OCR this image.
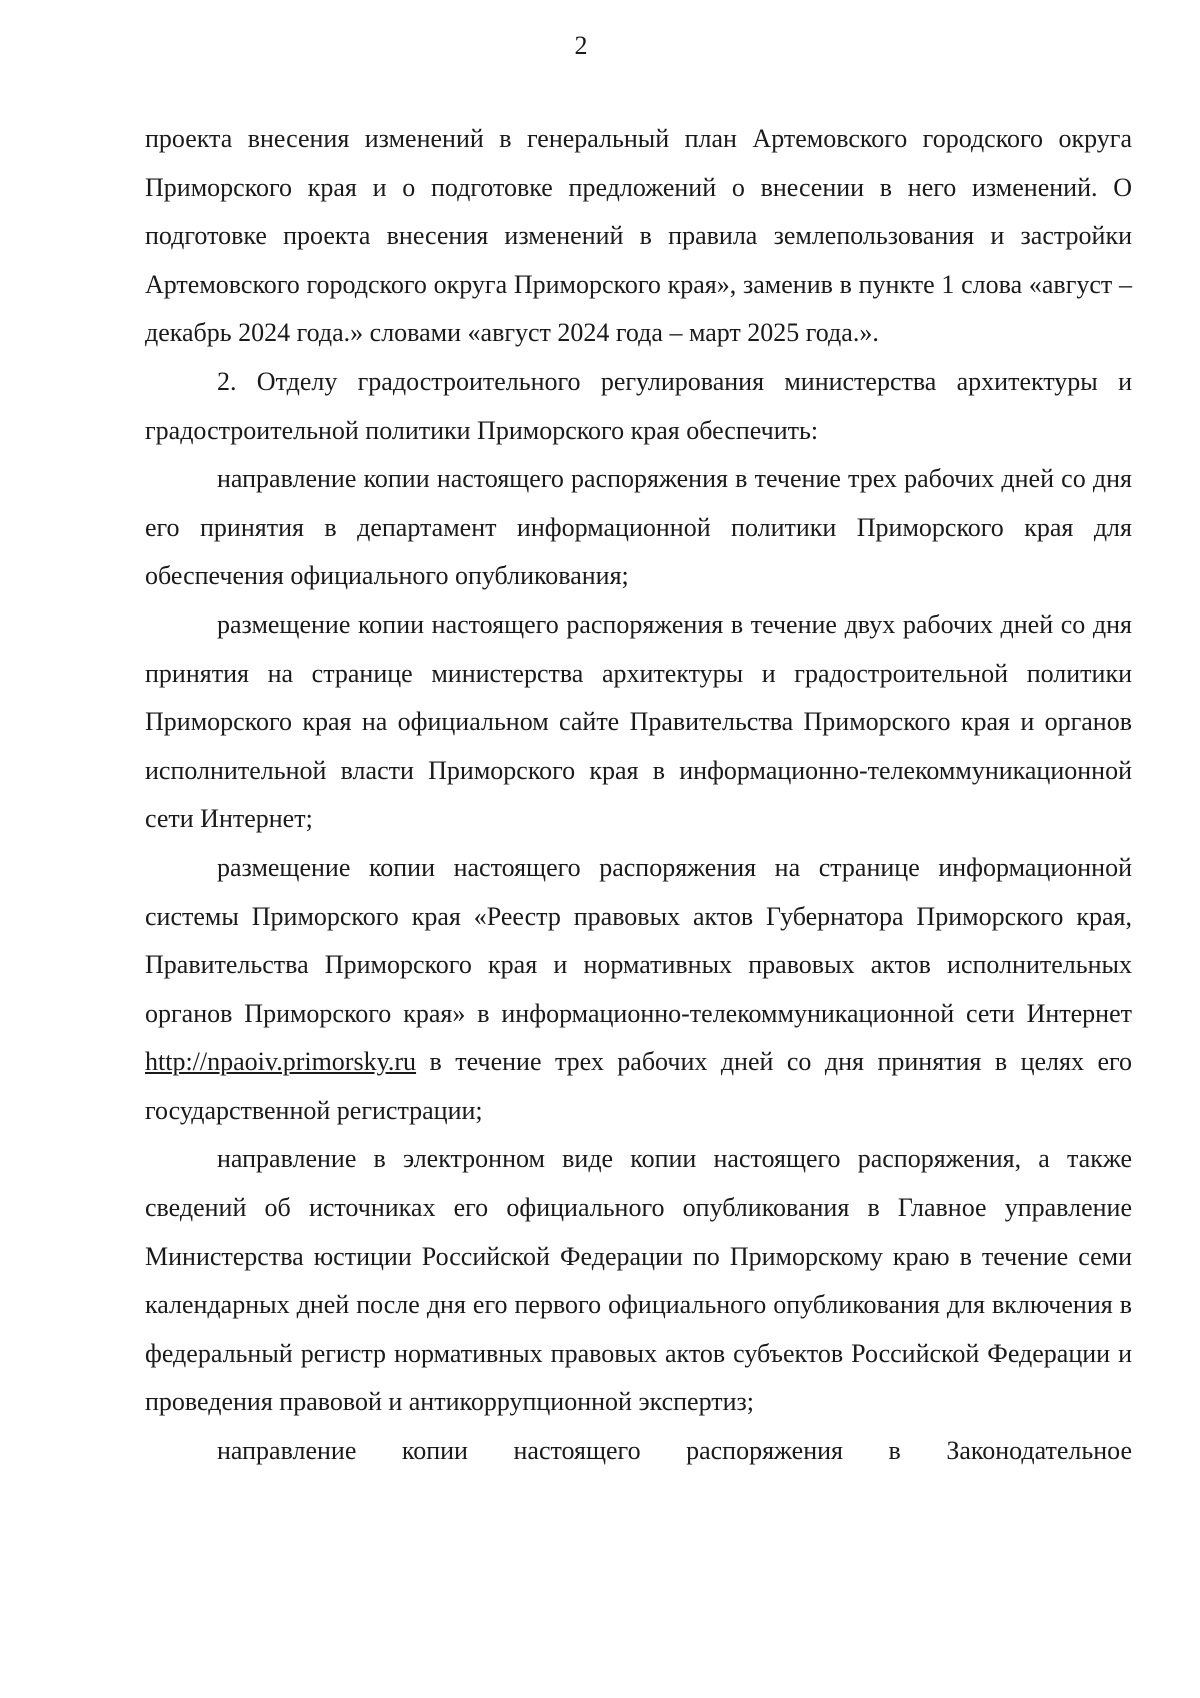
2

проекта внесения изменений в генеральный план Артемовского городского округа Приморского края и о подготовке предложений о внесении в него изменений. О подготовке проекта внесения изменений в правила землепользования и застройки Артемовского городского округа Приморского края», заменив в пункте 1 слова «август – декабрь 2024 года.» словами «август 2024 года – март 2025 года.».

2. Отделу градостроительного регулирования министерства архитектуры и градостроительной политики Приморского края обеспечить:

направление копии настоящего распоряжения в течение трех рабочих дней со дня его принятия в департамент информационной политики Приморского края для обеспечения официального опубликования;

размещение копии настоящего распоряжения в течение двух рабочих дней со дня принятия на странице министерства архитектуры и градостроительной политики Приморского края на официальном сайте Правительства Приморского края и органов исполнительной власти Приморского края в информационно-телекоммуникационной сети Интернет;

размещение копии настоящего распоряжения на странице информационной системы Приморского края «Реестр правовых актов Губернатора Приморского края, Правительства Приморского края и нормативных правовых актов исполнительных органов Приморского края» в информационно-телекоммуникационной сети Интернет http://npaoiv.primorsky.ru в течение трех рабочих дней со дня принятия в целях его государственной регистрации;

направление в электронном виде копии настоящего распоряжения, а также сведений об источниках его официального опубликования в Главное управление Министерства юстиции Российской Федерации по Приморскому краю в течение семи календарных дней после дня его первого официального опубликования для включения в федеральный регистр нормативных правовых актов субъектов Российской Федерации и проведения правовой и антикоррупционной экспертиз;

направление копии настоящего распоряжения в Законодательное
